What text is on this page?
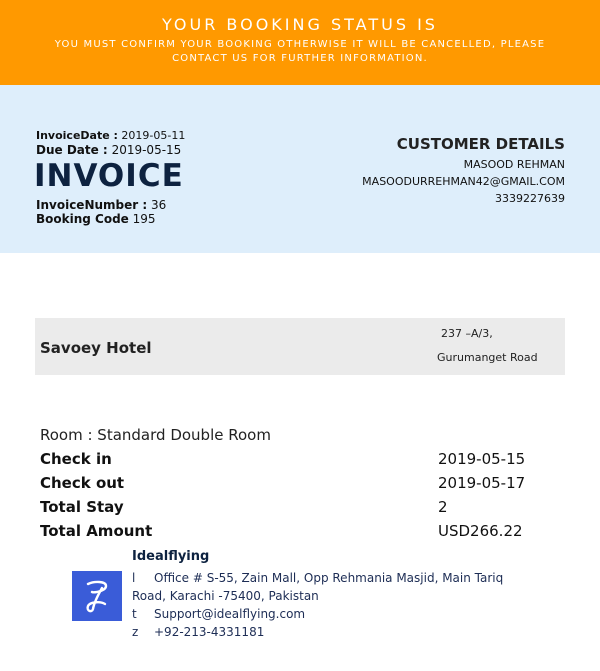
YOUR BOOKING STATUS IS
YOU MUST CONFIRM YOUR BOOKING OTHERWISE IT WILL BE CANCELLED, PLEASE CONTACT US FOR FURTHER INFORMATION.
InvoiceDate : 2019-05-11
Due Date : 2019-05-15
INVOICE
InvoiceNumber : 36
Booking Code 195
CUSTOMER DETAILS
MASOOD REHMAN
MASOODURREHMAN42@GMAIL.COM
3339227639
Savoey Hotel
237 –A/3,
Gurumanget Road
Room : Standard Double Room
Check in	2019-05-15
Check out	2019-05-17
Total Stay	2
Total Amount	USD266.22
Idealflying
l Office # S-55, Zain Mall, Opp Rehmania Masjid, Main Tariq
Road, Karachi -75400, Pakistan
t Support@idealflying.com
z +92-213-4331181
